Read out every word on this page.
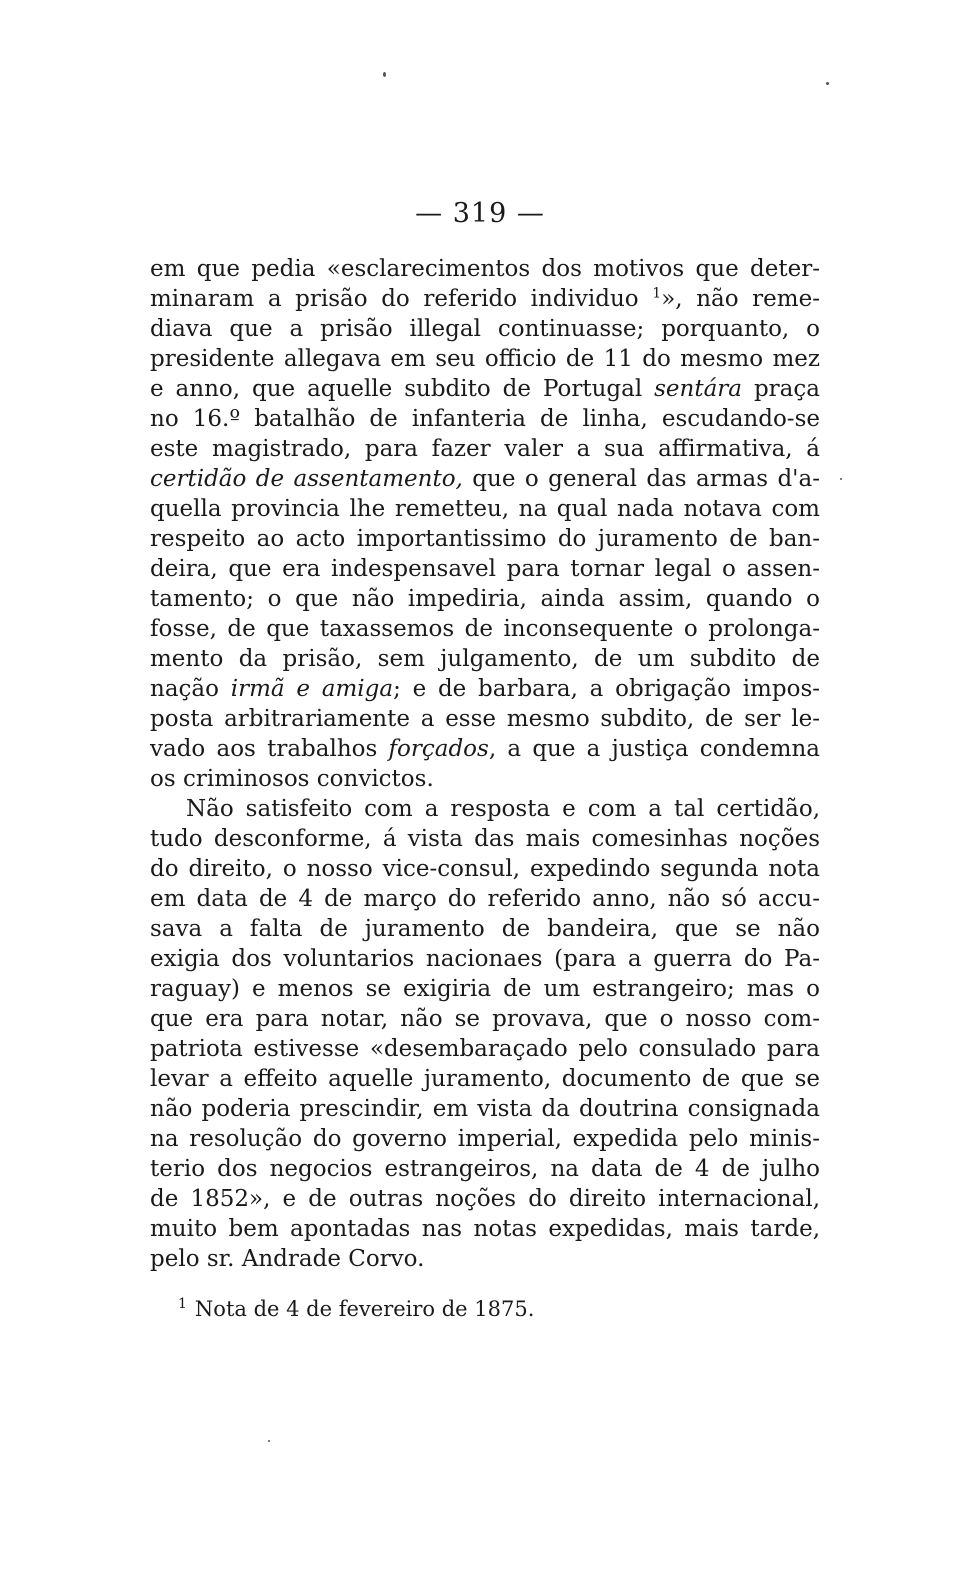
— 319 —
em que pedia «esclarecimentos dos motivos que deter-
minaram a prisão do referido individuo $^1$», não reme-
diava que a prisão illegal continuasse; porquanto, o
presidente allegava em seu officio de 11 do mesmo mez
e anno, que aquelle subdito de Portugal sentára praça
no 16.º batalhão de infanteria de linha, escudando-se
este magistrado, para fazer valer a sua affirmativa, á
certidão de assentamento, que o general das armas d'a-
quella provincia lhe remetteu, na qual nada notava com
respeito ao acto importantissimo do juramento de ban-
deira, que era indespensavel para tornar legal o assen-
tamento; o que não impediria, ainda assim, quando o
fosse, de que taxassemos de inconsequente o prolonga-
mento da prisão, sem julgamento, de um subdito de
nação irmã e amiga; e de barbara, a obrigação impos-
posta arbitrariamente a esse mesmo subdito, de ser le-
vado aos trabalhos forçados, a que a justiça condemna
os criminosos convictos.
Não satisfeito com a resposta e com a tal certidão,
tudo desconforme, á vista das mais comesinhas noções
do direito, o nosso vice-consul, expedindo segunda nota
em data de 4 de março do referido anno, não só accu-
sava a falta de juramento de bandeira, que se não
exigia dos voluntarios nacionaes (para a guerra do Pa-
raguay) e menos se exigiria de um estrangeiro; mas o
que era para notar, não se provava, que o nosso com-
patriota estivesse «desembaraçado pelo consulado para
levar a effeito aquelle juramento, documento de que se
não poderia prescindir, em vista da doutrina consignada
na resolução do governo imperial, expedida pelo minis-
terio dos negocios estrangeiros, na data de 4 de julho
de 1852», e de outras noções do direito internacional,
muito bem apontadas nas notas expedidas, mais tarde,
pelo sr. Andrade Corvo.
$^1$ Nota de 4 de fevereiro de 1875.
